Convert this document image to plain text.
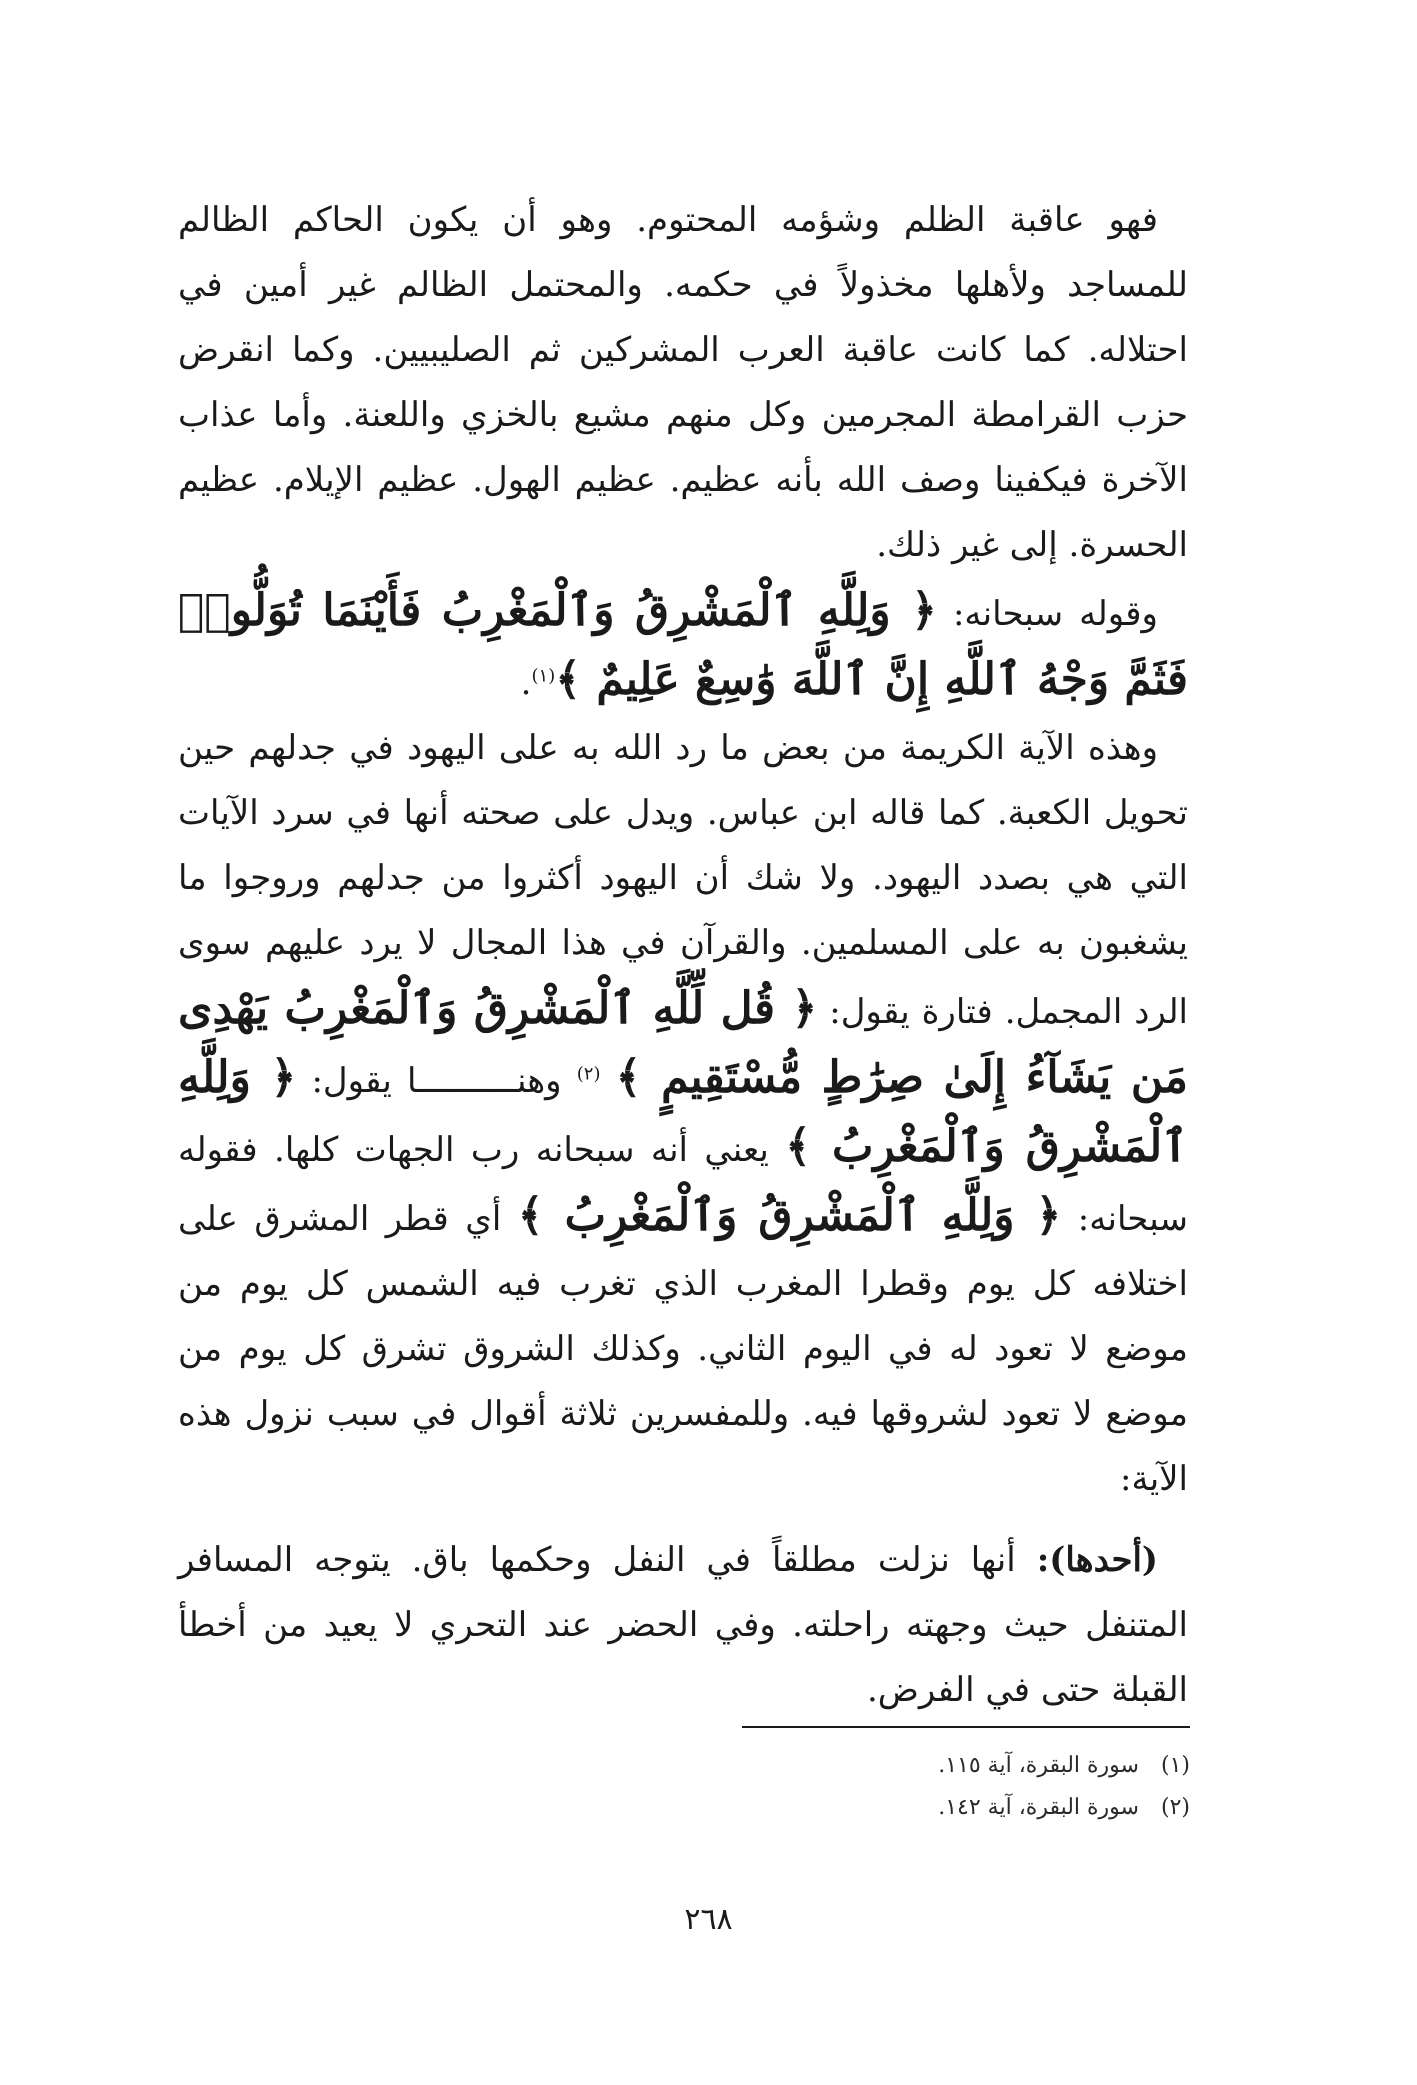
فهو عاقبة الظلم وشؤمه المحتوم. وهو أن يكون الحاكم الظالم للمساجد ولأهلها مخذولاً في حكمه. والمحتمل الظالم غير أمين في احتلاله. كما كانت عاقبة العرب المشركين ثم الصليبيين. وكما انقرض حزب القرامطة المجرمين وكل منهم مشيع بالخزي واللعنة. وأما عذاب الآخرة فيكفينا وصف الله بأنه عظيم. عظيم الهول. عظيم الإيلام. عظيم الحسرة. إلى غير ذلك.

وقوله سبحانه: ﴿ وَلِلَّهِ ٱلْمَشْرِقُ وَٱلْمَغْرِبُ فَأَيْنَمَا تُوَلُّوا۟ فَثَمَّ وَجْهُ ٱللَّهِ إِنَّ ٱللَّهَ وَٰسِعٌ عَلِيمٌ ﴾$^{(١)}$.

وهذه الآية الكريمة من بعض ما رد الله به على اليهود في جدلهم حين تحويل الكعبة. كما قاله ابن عباس. ويدل على صحته أنها في سرد الآيات التي هي بصدد اليهود. ولا شك أن اليهود أكثروا من جدلهم وروجوا ما يشغبون به على المسلمين. والقرآن في هذا المجال لا يرد عليهم سوى الرد المجمل. فتارة يقول: ﴿ قُل لِّلَّهِ ٱلْمَشْرِقُ وَٱلْمَغْرِبُ يَهْدِى مَن يَشَآءُ إِلَىٰ صِرَٰطٍ مُّسْتَقِيمٍ ﴾ $^{(٢)}$ وهنــــــــــا يقول: ﴿ وَلِلَّهِ ٱلْمَشْرِقُ وَٱلْمَغْرِبُ ﴾ يعني أنه سبحانه رب الجهات كلها. فقوله سبحانه: ﴿ وَلِلَّهِ ٱلْمَشْرِقُ وَٱلْمَغْرِبُ ﴾ أي قطر المشرق على اختلافه كل يوم وقطرا المغرب الذي تغرب فيه الشمس كل يوم من موضع لا تعود له في اليوم الثاني. وكذلك الشروق تشرق كل يوم من موضع لا تعود لشروقها فيه. وللمفسرين ثلاثة أقوال في سبب نزول هذه الآية:

(أحدها): أنها نزلت مطلقاً في النفل وحكمها باق. يتوجه المسافر المتنفل حيث وجهته راحلته. وفي الحضر عند التحري لا يعيد من أخطأ القبلة حتى في الفرض.

(١)سورة البقرة، آية ١١٥.

(٢)سورة البقرة، آية ١٤٢.

٢٦٨
